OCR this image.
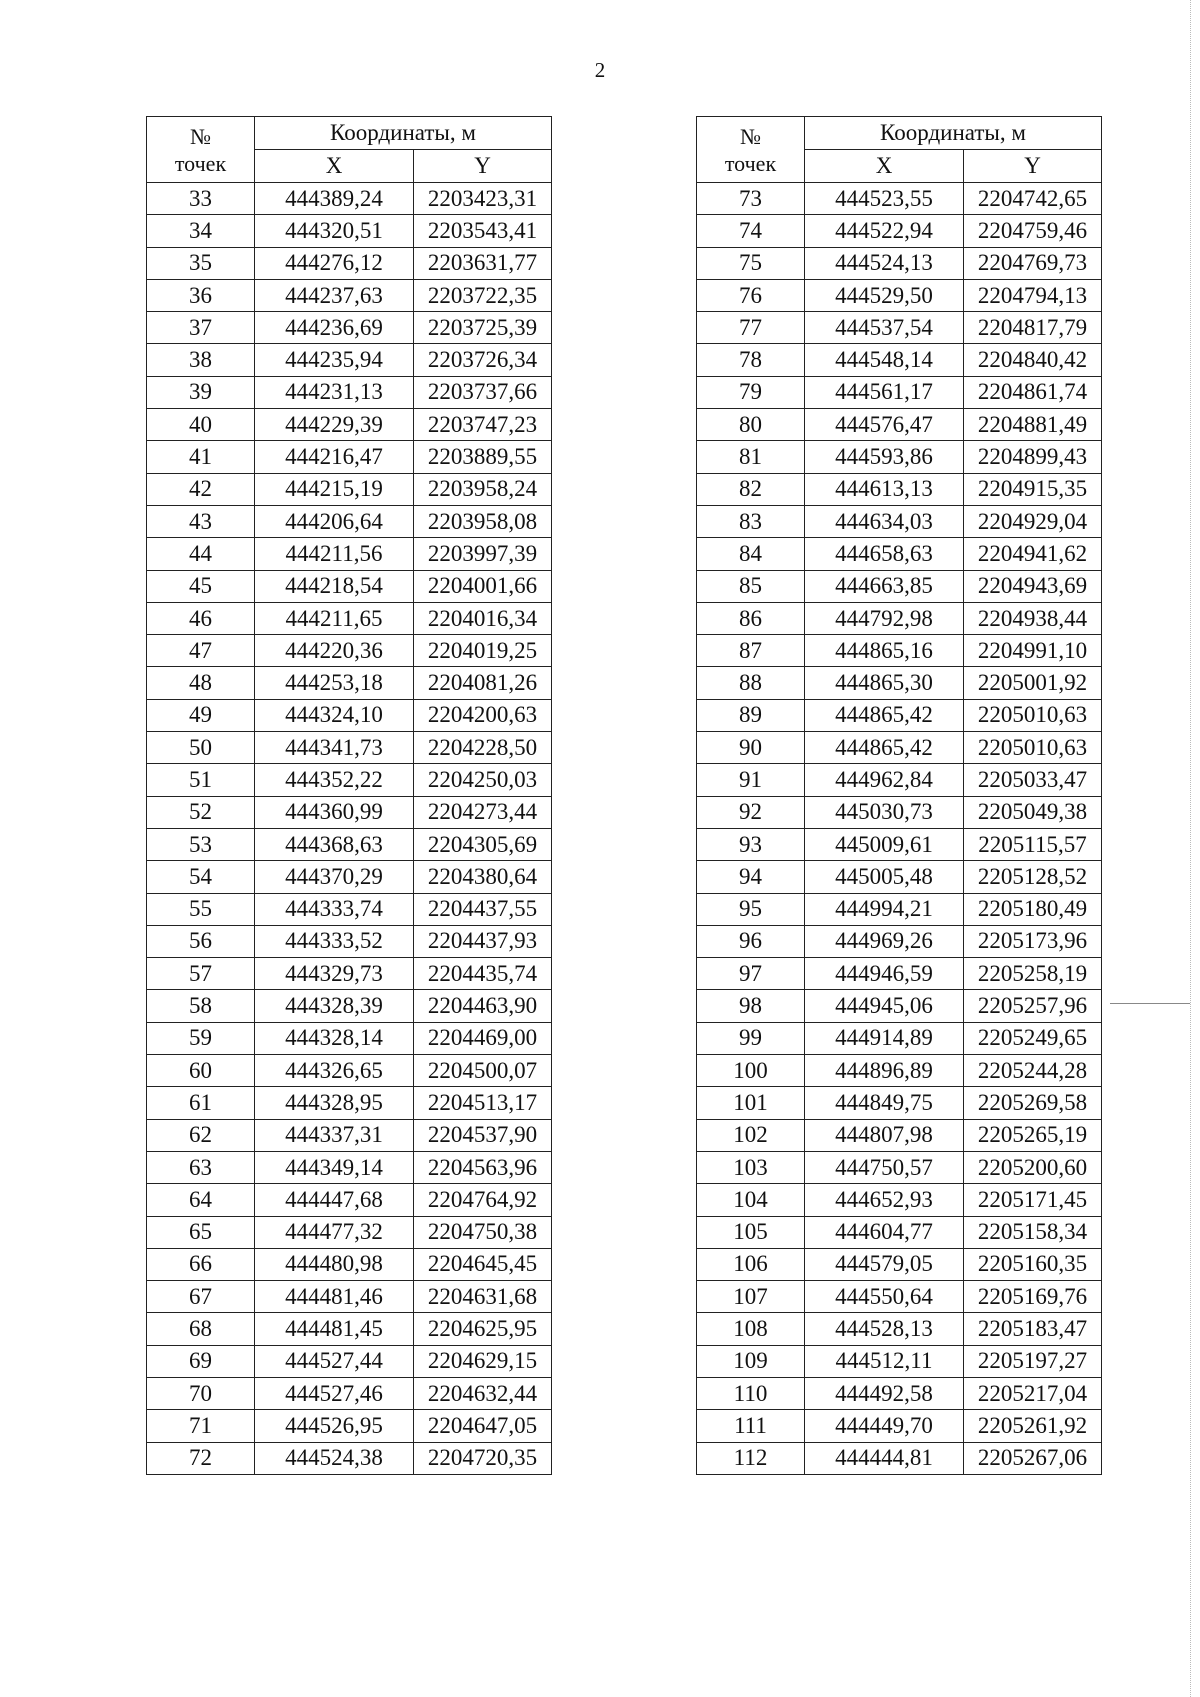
2
№
точек	Координаты, м	
	X	Y
33	444389,24	2203423,31
34	444320,51	2203543,41
35	444276,12	2203631,77
36	444237,63	2203722,35
37	444236,69	2203725,39
38	444235,94	2203726,34
39	444231,13	2203737,66
40	444229,39	2203747,23
41	444216,47	2203889,55
42	444215,19	2203958,24
43	444206,64	2203958,08
44	444211,56	2203997,39
45	444218,54	2204001,66
46	444211,65	2204016,34
47	444220,36	2204019,25
48	444253,18	2204081,26
49	444324,10	2204200,63
50	444341,73	2204228,50
51	444352,22	2204250,03
52	444360,99	2204273,44
53	444368,63	2204305,69
54	444370,29	2204380,64
55	444333,74	2204437,55
56	444333,52	2204437,93
57	444329,73	2204435,74
58	444328,39	2204463,90
59	444328,14	2204469,00
60	444326,65	2204500,07
61	444328,95	2204513,17
62	444337,31	2204537,90
63	444349,14	2204563,96
64	444447,68	2204764,92
65	444477,32	2204750,38
66	444480,98	2204645,45
67	444481,46	2204631,68
68	444481,45	2204625,95
69	444527,44	2204629,15
70	444527,46	2204632,44
71	444526,95	2204647,05
72	444524,38	2204720,35
№
точек	Координаты, м	
	X	Y
73	444523,55	2204742,65
74	444522,94	2204759,46
75	444524,13	2204769,73
76	444529,50	2204794,13
77	444537,54	2204817,79
78	444548,14	2204840,42
79	444561,17	2204861,74
80	444576,47	2204881,49
81	444593,86	2204899,43
82	444613,13	2204915,35
83	444634,03	2204929,04
84	444658,63	2204941,62
85	444663,85	2204943,69
86	444792,98	2204938,44
87	444865,16	2204991,10
88	444865,30	2205001,92
89	444865,42	2205010,63
90	444865,42	2205010,63
91	444962,84	2205033,47
92	445030,73	2205049,38
93	445009,61	2205115,57
94	445005,48	2205128,52
95	444994,21	2205180,49
96	444969,26	2205173,96
97	444946,59	2205258,19
98	444945,06	2205257,96
99	444914,89	2205249,65
100	444896,89	2205244,28
101	444849,75	2205269,58
102	444807,98	2205265,19
103	444750,57	2205200,60
104	444652,93	2205171,45
105	444604,77	2205158,34
106	444579,05	2205160,35
107	444550,64	2205169,76
108	444528,13	2205183,47
109	444512,11	2205197,27
110	444492,58	2205217,04
111	444449,70	2205261,92
112	444444,81	2205267,06
